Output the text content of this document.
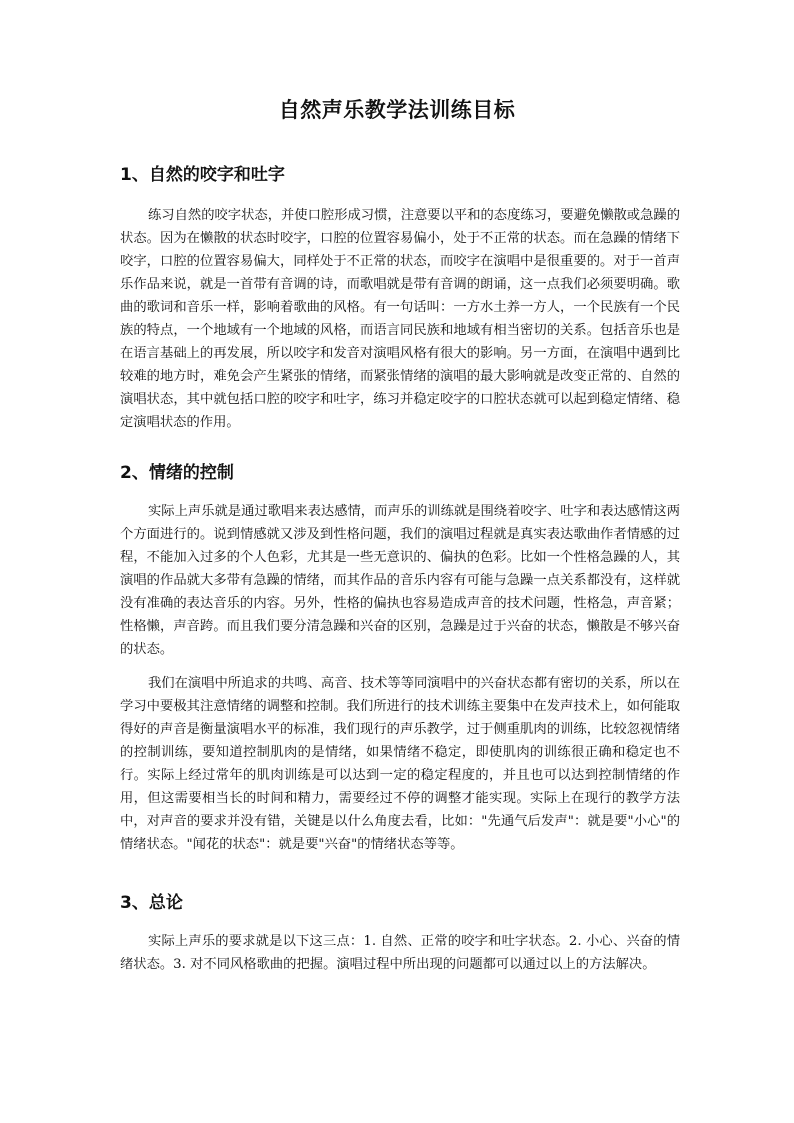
自然声乐教学法训练目标
1、自然的咬字和吐字

练习自然的咬字状态，并使口腔形成习惯，注意要以平和的态度练习，要避免懒散或急躁的状态。因为在懒散的状态时咬字，口腔的位置容易偏小，处于不正常的状态。而在急躁的情绪下咬字，口腔的位置容易偏大，同样处于不正常的状态，而咬字在演唱中是很重要的。对于一首声乐作品来说，就是一首带有音调的诗，而歌唱就是带有音调的朗诵，这一点我们必须要明确。歌曲的歌词和音乐一样，影响着歌曲的风格。有一句话叫：一方水土养一方人，一个民族有一个民族的特点，一个地域有一个地域的风格，而语言同民族和地域有相当密切的关系。包括音乐也是在语言基础上的再发展，所以咬字和发音对演唱风格有很大的影响。另一方面，在演唱中遇到比较难的地方时，难免会产生紧张的情绪，而紧张情绪的演唱的最大影响就是改变正常的、自然的演唱状态，其中就包括口腔的咬字和吐字，练习并稳定咬字的口腔状态就可以起到稳定情绪、稳定演唱状态的作用。

2、情绪的控制

实际上声乐就是通过歌唱来表达感情，而声乐的训练就是围绕着咬字、吐字和表达感情这两个方面进行的。说到情感就又涉及到性格问题，我们的演唱过程就是真实表达歌曲作者情感的过程，不能加入过多的个人色彩，尤其是一些无意识的、偏执的色彩。比如一个性格急躁的人，其演唱的作品就大多带有急躁的情绪，而其作品的音乐内容有可能与急躁一点关系都没有，这样就没有准确的表达音乐的内容。另外，性格的偏执也容易造成声音的技术问题，性格急，声音紧；性格懒，声音跨。而且我们要分清急躁和兴奋的区别，急躁是过于兴奋的状态，懒散是不够兴奋的状态。

我们在演唱中所追求的共鸣、高音、技术等等同演唱中的兴奋状态都有密切的关系，所以在学习中要极其注意情绪的调整和控制。我们所进行的技术训练主要集中在发声技术上，如何能取得好的声音是衡量演唱水平的标准，我们现行的声乐教学，过于侧重肌肉的训练，比较忽视情绪的控制训练，要知道控制肌肉的是情绪，如果情绪不稳定，即使肌肉的训练很正确和稳定也不行。实际上经过常年的肌肉训练是可以达到一定的稳定程度的，并且也可以达到控制情绪的作用，但这需要相当长的时间和精力，需要经过不停的调整才能实现。实际上在现行的教学方法中，对声音的要求并没有错，关键是以什么角度去看，比如："先通气后发声"：就是要"小心"的情绪状态。"闻花的状态"：就是要"兴奋"的情绪状态等等。

3、总论

实际上声乐的要求就是以下这三点：1. 自然、正常的咬字和吐字状态。2. 小心、兴奋的情绪状态。3. 对不同风格歌曲的把握。演唱过程中所出现的问题都可以通过以上的方法解决。
